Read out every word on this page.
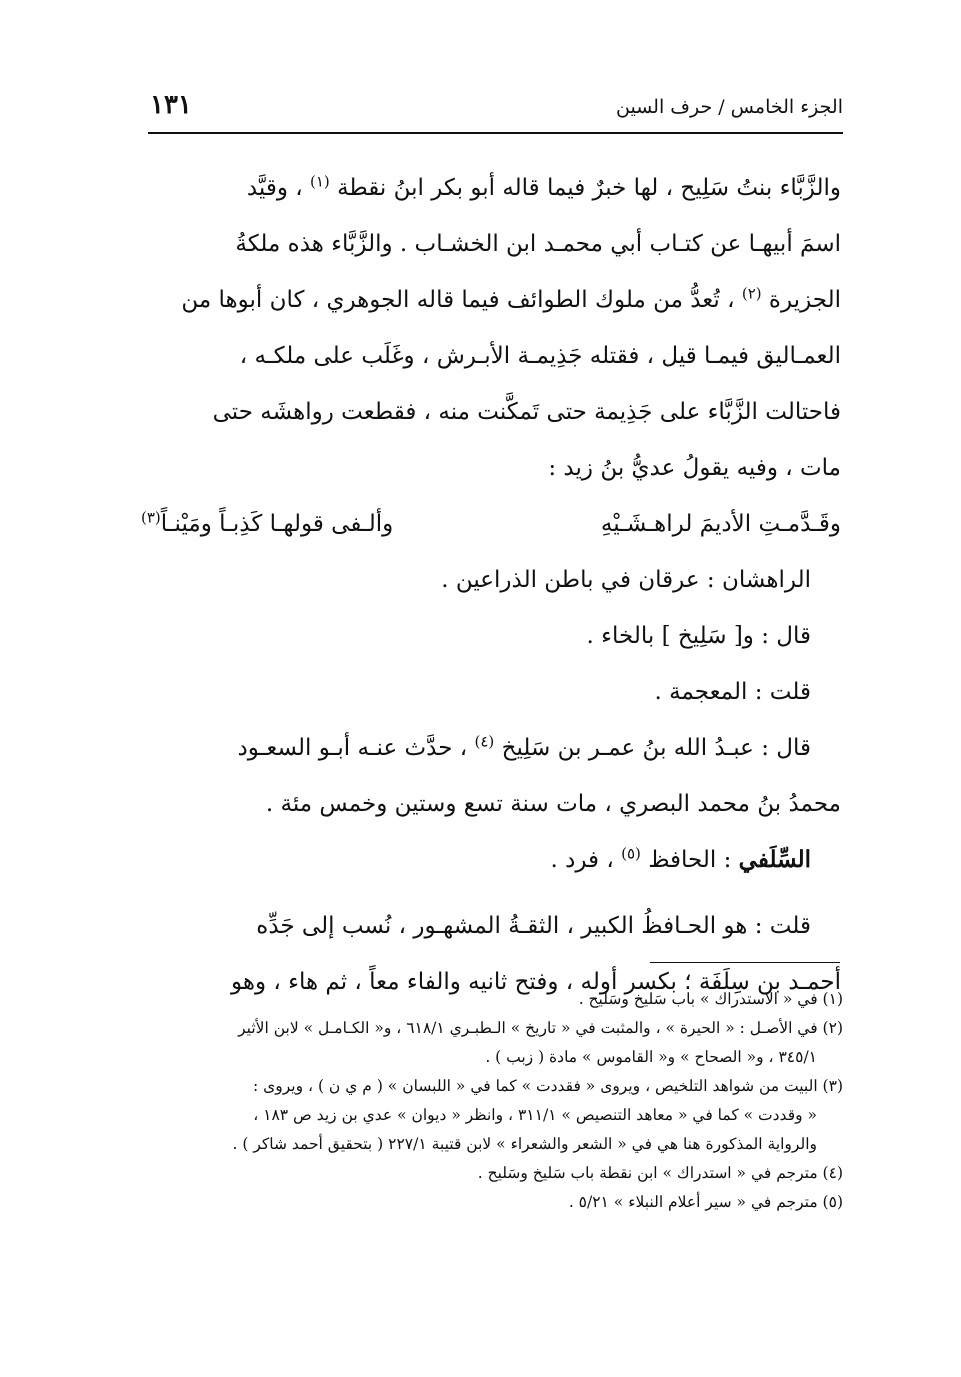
الجزء الخامس / حرف السين
١٣١

والزَّبَّاء بنتُ سَلِيح ، لها خبرٌ فيما قاله أبو بكر ابنُ نقطة $^{(١)}$ ، وقيَّد

اسمَ أبيهـا عن كتـاب أبي محمـد ابن الخشـاب . والزَّبَّاء هذه ملكةُ

الجزيرة $^{(٢)}$ ، تُعدُّ من ملوك الطوائف فيما قاله الجوهري ، كان أبوها من

العمـاليق فيمـا قيل ، فقتله جَذِيمـة الأبـرش ، وغَلَب على ملكـه ،

فاحتالت الزَّبَّاء على جَذِيمة حتى تَمكَّنت منه ، فقطعت رواهشَه حتى

مات ، وفيه يقولُ عديُّ بنُ زيد :

وقَـدَّمـتِ الأديمَ لراهـشَـيْهِ
وألـفى قولهـا كَذِبـاً ومَيْنـاً$^{(٣)}$

الراهشان : عرقان في باطن الذراعين .

قال : و[ سَلِيخ ] بالخاء .

قلت : المعجمة .

قال : عبـدُ الله بنُ عمـر بن سَلِيخ $^{(٤)}$ ، حدَّث عنـه أبـو السعـود

محمدُ بنُ محمد البصري ، مات سنة تسع وستين وخمس مئة .

السِّلَفي : الحافظ $^{(٥)}$ ، فرد .

قلت : هو الحـافظُ الكبير ، الثقـةُ المشهـور ، نُسب إلى جَدِّه

أحمـد بن سِلَفَة ؛ بكسر أوله ، وفتح ثانيه والفاء معاً ، ثم هاء ، وهو

(١) في « الاستدراك » باب سَليخ وسَليح .

(٢) في الأصـل : « الحيرة » ، والمثبت في « تاريخ » الـطبـري ٦١٨/١ ، و« الكـامـل » لابن الأثير

٣٤٥/١ ، و« الصحاح » و« القاموس » مادة ( زبب ) .

(٣) البيت من شواهد التلخيص ، ويروى « فقددت » كما في « اللبسان » ( م ي ن ) ، ويروى :

« وقددت » كما في « معاهد التنصيص » ٣١١/١ ، وانظر « ديوان » عدي بن زيد ص ١٨٣ ،

والرواية المذكورة هنا هي في « الشعر والشعراء » لابن قتيبة ٢٢٧/١ ( بتحقيق أحمد شاكر ) .

(٤) مترجم في « استدراك » ابن نقطة باب سَليخ وسَليح .

(٥) مترجم في « سير أعلام النبلاء » ٥/٢١ .
